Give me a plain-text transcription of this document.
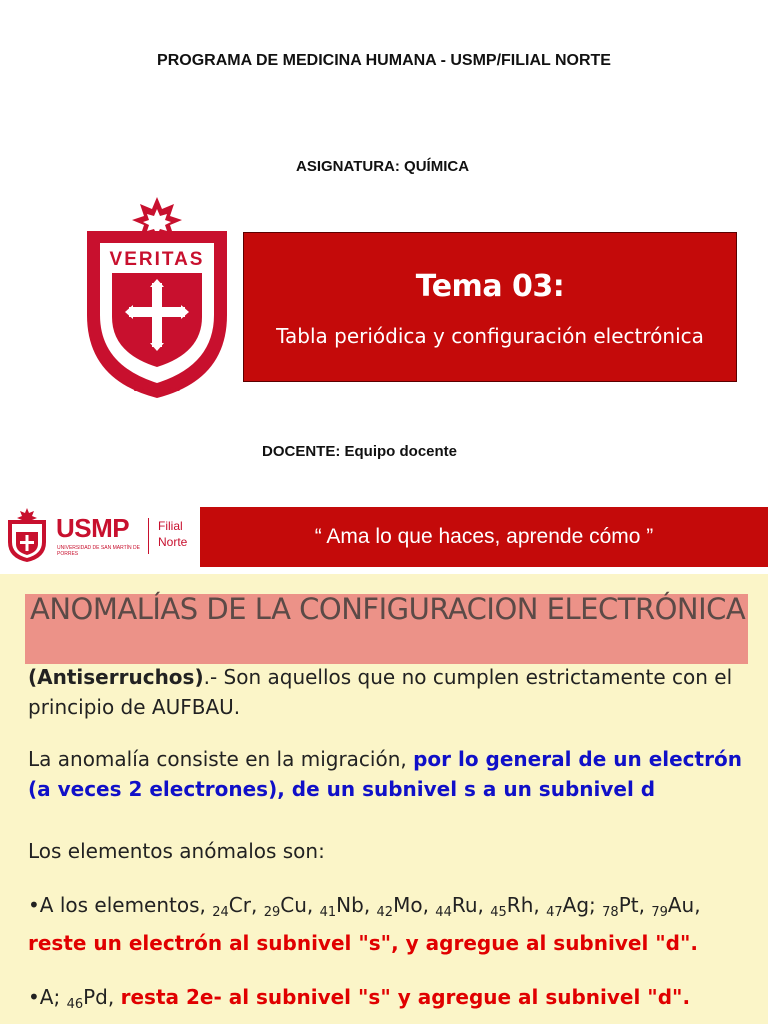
PROGRAMA DE MEDICINA HUMANA - USMP/FILIAL NORTE
ASIGNATURA: QUÍMICA
VERITAS
LIBERABIT VOS
Tema 03:
Tabla periódica y configuración electrónica
DOCENTE: Equipo docente
USMP
UNIVERSIDAD DE SAN MARTÍN DE PORRES
Filial
Norte	“ Ama lo que haces, aprende cómo ”
ANOMALÍAS DE LA CONFIGURACION ELECTRÓNICA
(Antiserruchos).- Son aquellos que no cumplen estrictamente con el principio de AUFBAU.
La anomalía consiste en la migración, por lo general de un electrón (a veces 2 electrones), de un subnivel s a un subnivel d
Los elementos anómalos son:
•A los elementos, $_{24}$Cr, $_{29}$Cu, $_{41}$Nb, $_{42}$Mo, $_{44}$Ru, $_{45}$Rh, $_{47}$Ag; $_{78}$Pt, $_{79}$Au, reste un electrón al subnivel "s", y agregue al subnivel "d".
•A; $_{46}$Pd, resta 2e- al subnivel "s" y agregue al subnivel "d".
